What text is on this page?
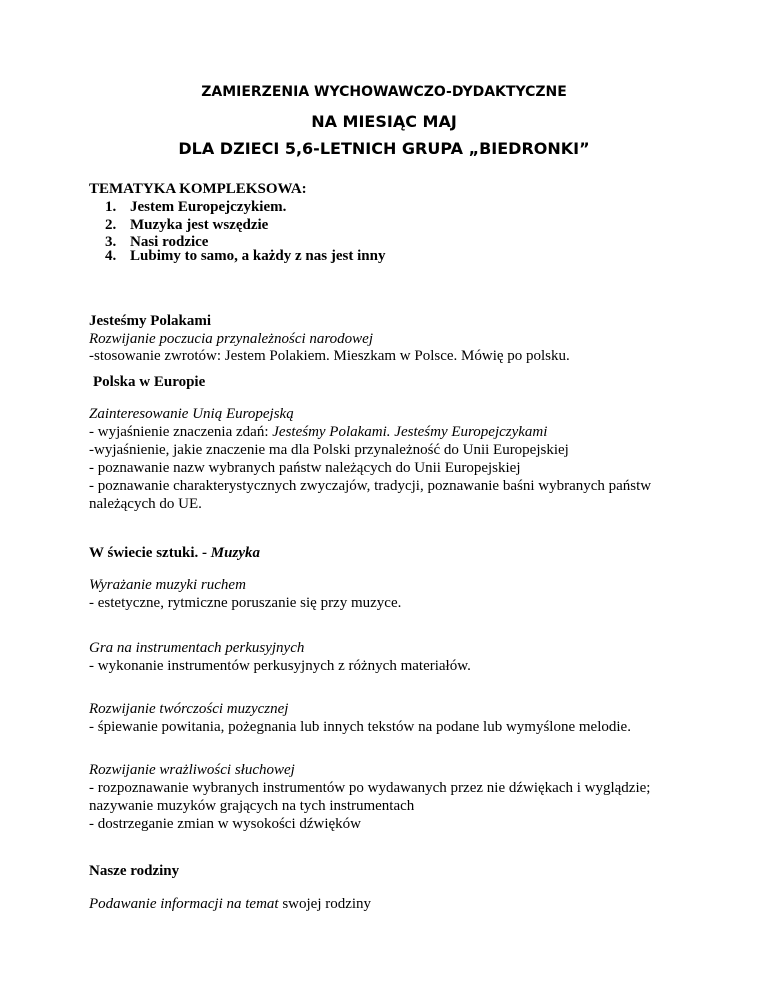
ZAMIERZENIA WYCHOWAWCZO-DYDAKTYCZNE
NA MIESIĄC MAJ
DLA DZIECI 5,6-LETNICH GRUPA „BIEDRONKI”
TEMATYKA KOMPLEKSOWA:
1. Jestem Europejczykiem.
2. Muzyka jest wszędzie
3. Nasi rodzice
4. Lubimy to samo, a każdy z nas jest inny
Jesteśmy Polakami
Rozwijanie poczucia przynależności narodowej
-stosowanie zwrotów: Jestem Polakiem. Mieszkam w Polsce. Mówię po polsku.
Polska w Europie
Zainteresowanie Unią Europejską
- wyjaśnienie znaczenia zdań: Jesteśmy Polakami. Jesteśmy Europejczykami
-wyjaśnienie, jakie znaczenie ma dla Polski przynależność do Unii Europejskiej
- poznawanie nazw wybranych państw należących do Unii Europejskiej
- poznawanie charakterystycznych zwyczajów, tradycji, poznawanie baśni wybranych państw
należących do UE.
W świecie sztuki. - Muzyka
Wyrażanie muzyki ruchem
- estetyczne, rytmiczne poruszanie się przy muzyce.
Gra na instrumentach perkusyjnych
- wykonanie instrumentów perkusyjnych z różnych materiałów.
Rozwijanie twórczości muzycznej
- śpiewanie powitania, pożegnania lub innych tekstów na podane lub wymyślone melodie.
Rozwijanie wrażliwości słuchowej
- rozpoznawanie wybranych instrumentów po wydawanych przez nie dźwiękach i wyglądzie;
nazywanie muzyków grających na tych instrumentach
- dostrzeganie zmian w wysokości dźwięków
Nasze rodziny
Podawanie informacji na temat swojej rodziny
